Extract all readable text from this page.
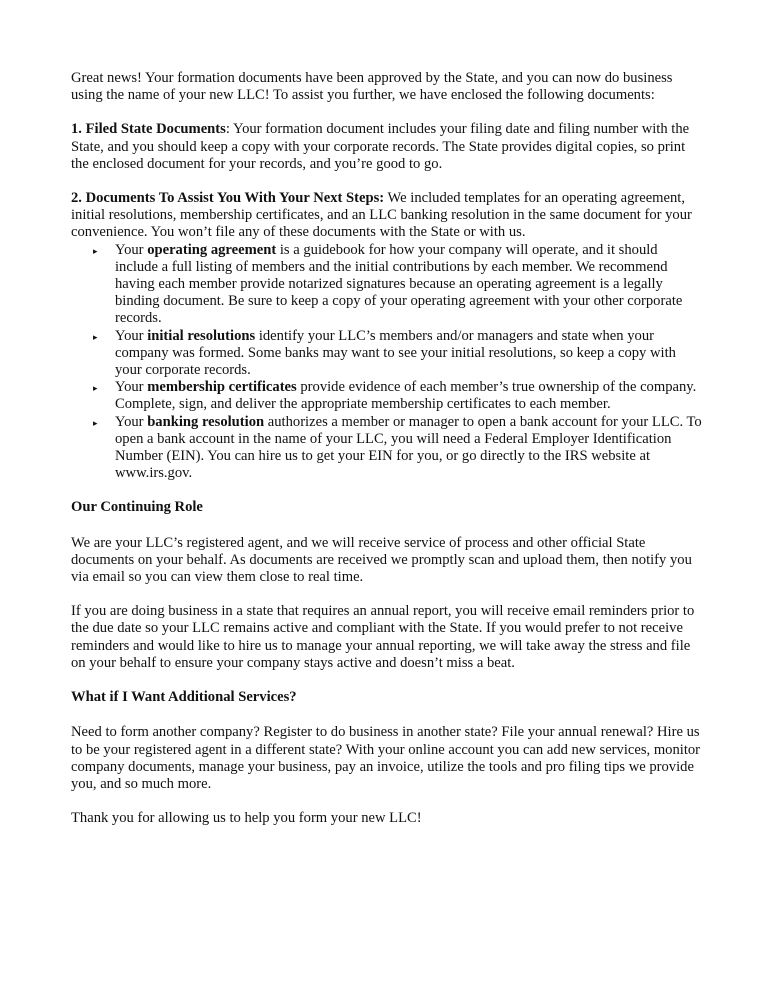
Great news! Your formation documents have been approved by the State, and you can now do business using the name of your new LLC! To assist you further, we have enclosed the following documents:

1. Filed State Documents: Your formation document includes your filing date and filing number with the State, and you should keep a copy with your corporate records. The State provides digital copies, so print the enclosed document for your records, and you’re good to go.

2. Documents To Assist You With Your Next Steps: We included templates for an operating agreement, initial resolutions, membership certificates, and an LLC banking resolution in the same document for your convenience. You won’t file any of these documents with the State or with us.

▸ Your operating agreement is a guidebook for how your company will operate, and it should include a full listing of members and the initial contributions by each member. We recommend having each member provide notarized signatures because an operating agreement is a legally binding document. Be sure to keep a copy of your operating agreement with your other corporate records.
▸ Your initial resolutions identify your LLC’s members and/or managers and state when your company was formed. Some banks may want to see your initial resolutions, so keep a copy with your corporate records.
▸ Your membership certificates provide evidence of each member’s true ownership of the company. Complete, sign, and deliver the appropriate membership certificates to each member.
▸ Your banking resolution authorizes a member or manager to open a bank account for your LLC. To open a bank account in the name of your LLC, you will need a Federal Employer Identification Number (EIN). You can hire us to get your EIN for you, or go directly to the IRS website at www.irs.gov.

Our Continuing Role

We are your LLC’s registered agent, and we will receive service of process and other official State documents on your behalf. As documents are received we promptly scan and upload them, then notify you via email so you can view them close to real time.

If you are doing business in a state that requires an annual report, you will receive email reminders prior to the due date so your LLC remains active and compliant with the State. If you would prefer to not receive reminders and would like to hire us to manage your annual reporting, we will take away the stress and file on your behalf to ensure your company stays active and doesn’t miss a beat.

What if I Want Additional Services?

Need to form another company? Register to do business in another state? File your annual renewal? Hire us to be your registered agent in a different state? With your online account you can add new services, monitor company documents, manage your business, pay an invoice, utilize the tools and pro filing tips we provide you, and so much more.

Thank you for allowing us to help you form your new LLC!
